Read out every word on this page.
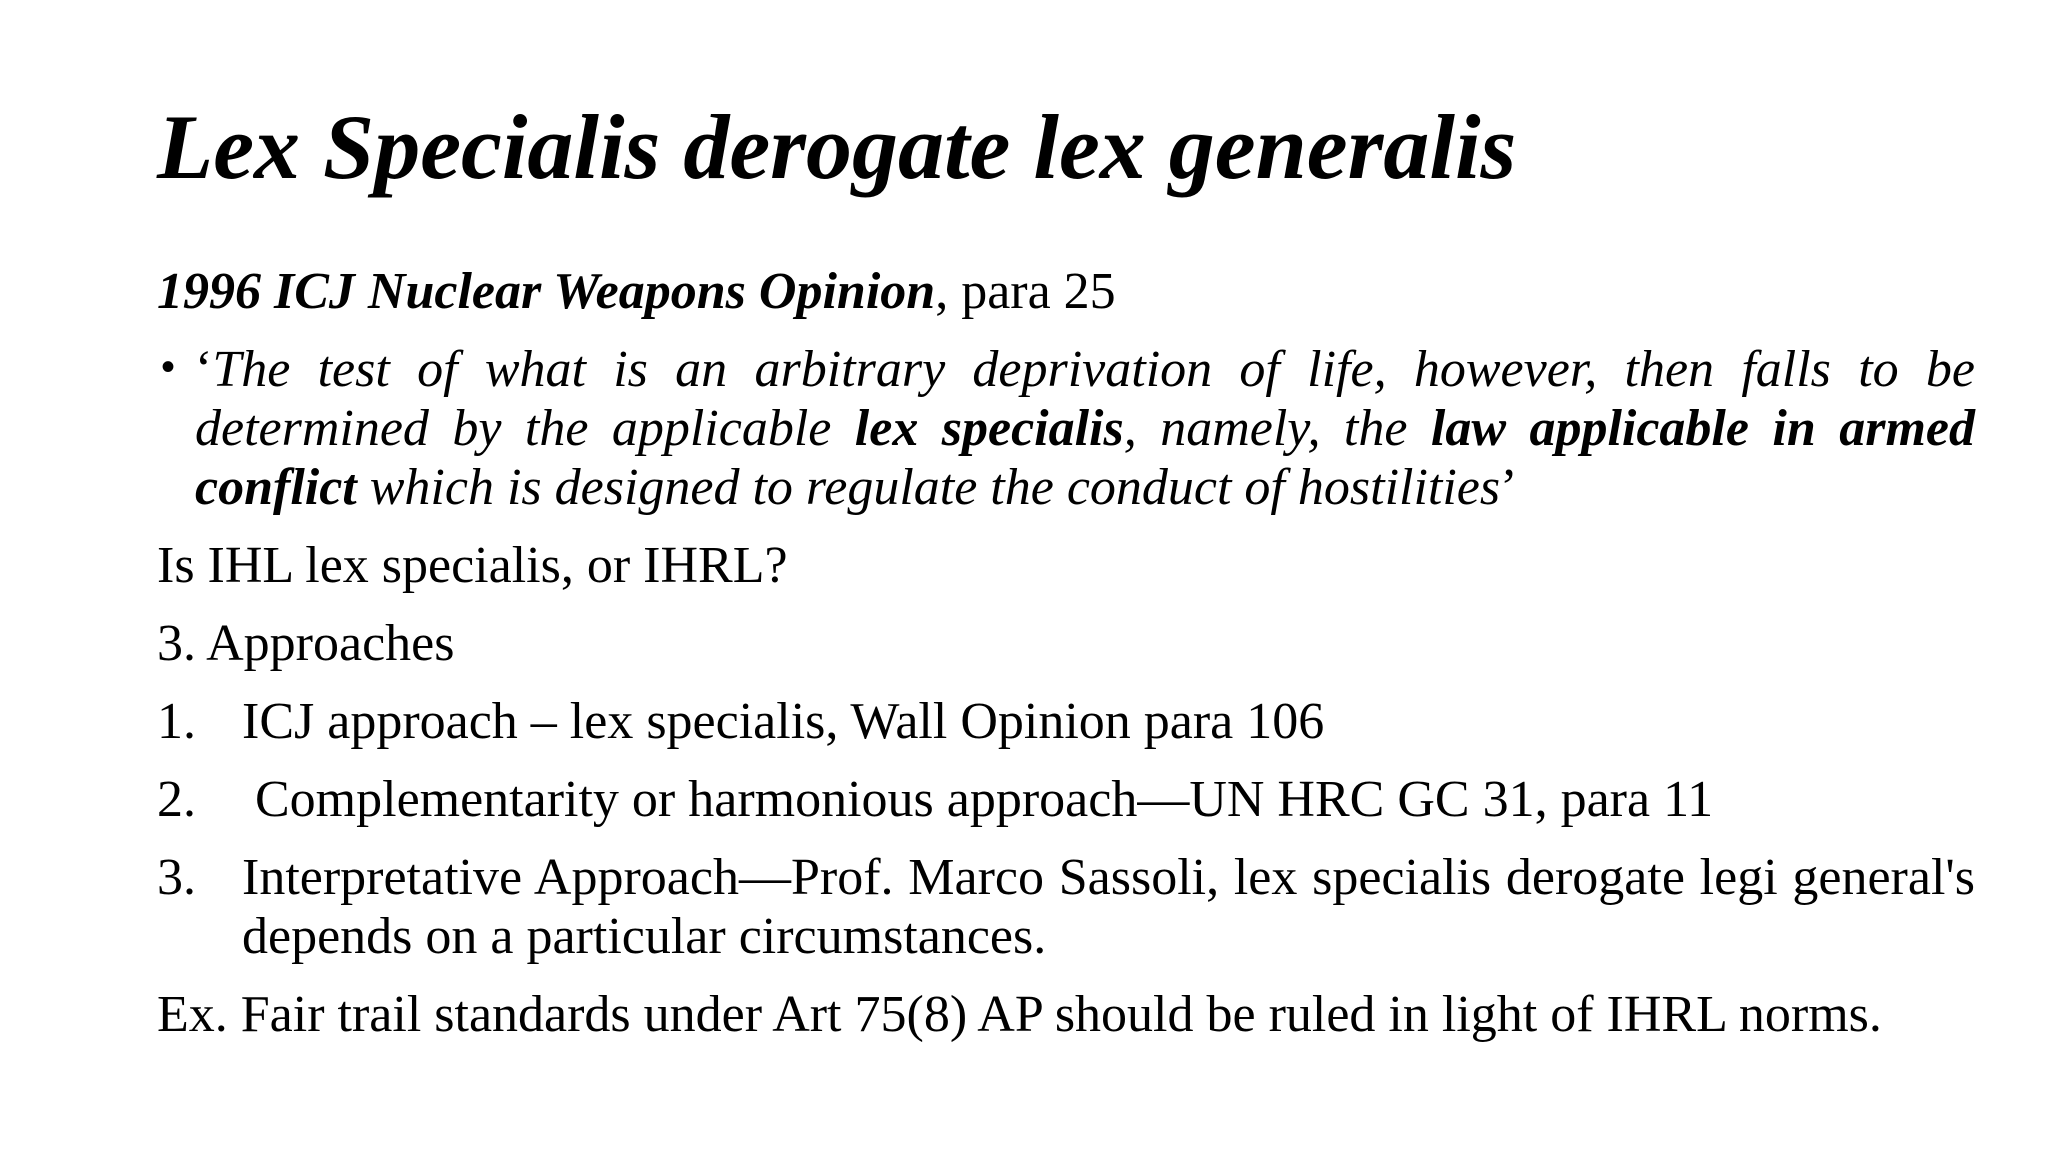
Lex Specialis derogate lex generalis

1996 ICJ Nuclear Weapons Opinion, para 25

• ‘The test of what is an arbitrary deprivation of life, however, then falls to be determined by the applicable lex specialis, namely, the law applicable in armed conflict which is designed to regulate the conduct of hostilities’

Is IHL lex specialis, or IHRL?

3. Approaches

1. ICJ approach – lex specialis, Wall Opinion para 106
2. Complementarity or harmonious approach—UN HRC GC 31, para 11
3. Interpretative Approach—Prof. Marco Sassoli, lex specialis derogate legi general's depends on a particular circumstances.

Ex. Fair trail standards under Art 75(8) AP should be ruled in light of IHRL norms.
